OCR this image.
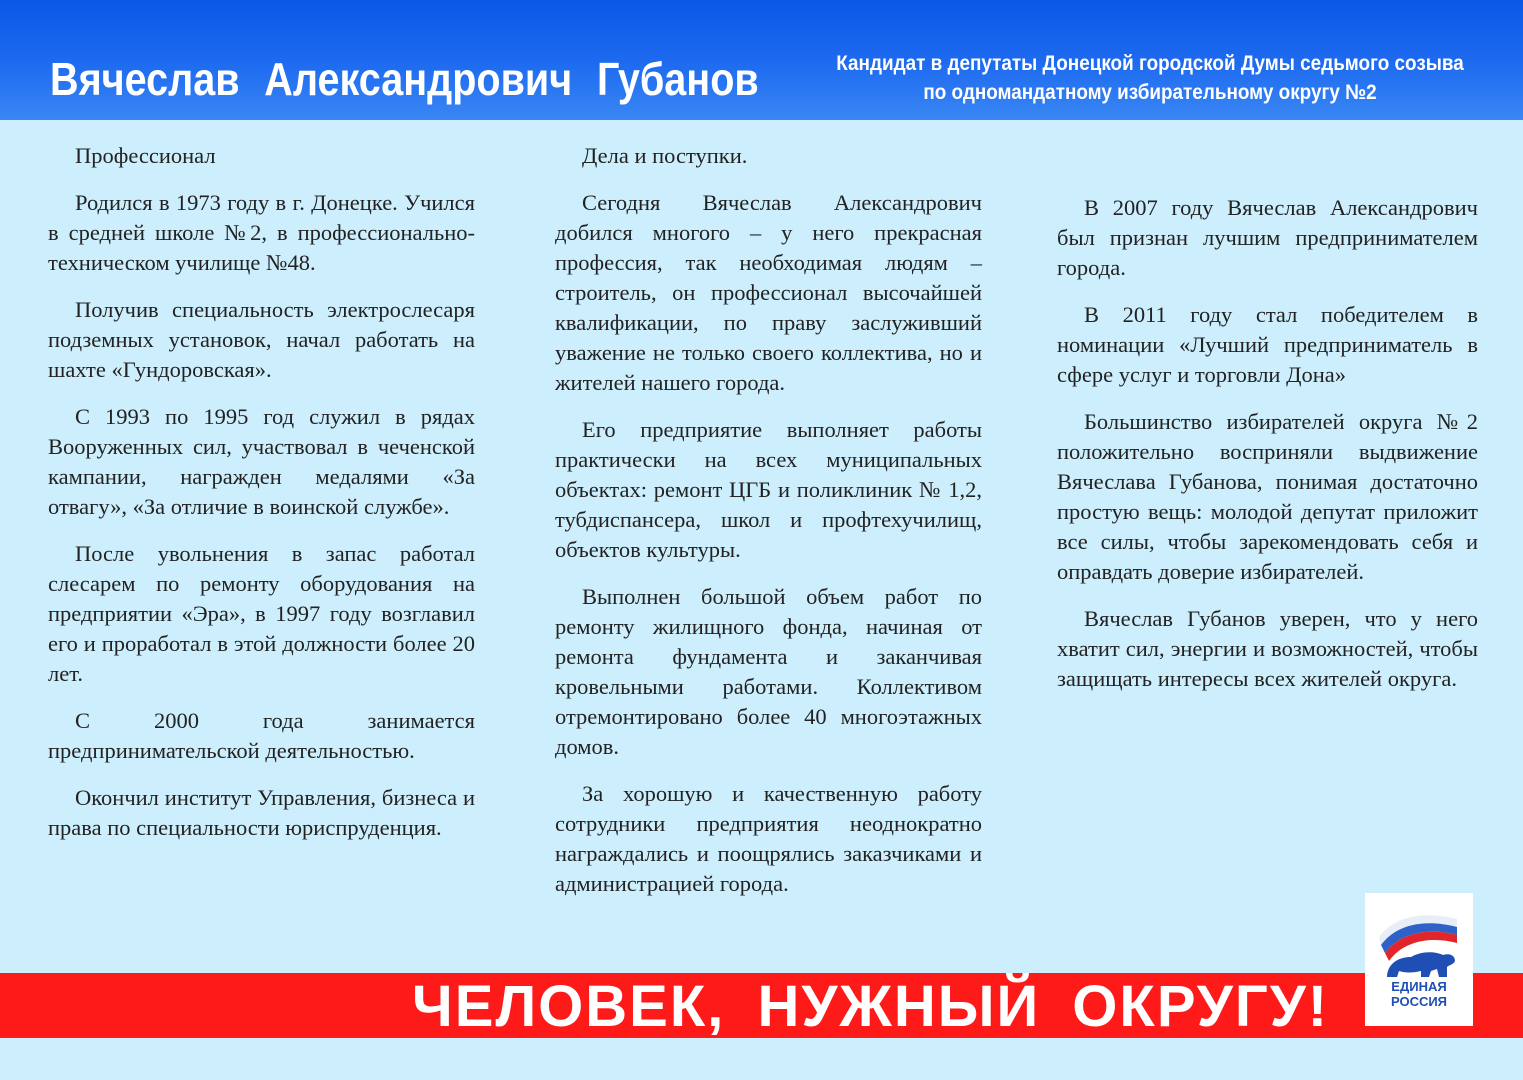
Вячеслав Александрович Губанов	Кандидат в депутаты Донецкой городской Думы седьмого созыва
по одномандатному избирательному округу №2

Профессионал

Родился в 1973 году в г. Донецке. Учился в средней школе №2, в профессионально-техническом училище №48.

Получив специальность электрослесаря подземных установок, начал работать на шахте «Гундоровская».

С 1993 по 1995 год служил в рядах Вооруженных сил, участвовал в чеченской кампании, награжден медалями «За отвагу», «За отличие в воинской службе».

После увольнения в запас работал слесарем по ремонту оборудования на предприятии «Эра», в 1997 году возглавил его и проработал в этой должности более 20 лет.

С 2000 года занимается предпринимательской деятельностью.

Окончил институт Управления, бизнеса и права по специальности юриспруденция.

Дела и поступки.

Сегодня Вячеслав Александрович добился многого – у него прекрасная профессия, так необходимая людям – строитель, он профессионал высочайшей квалификации, по праву заслуживший уважение не только своего коллектива, но и жителей нашего города.

Его предприятие выполняет работы практически на всех муниципальных объектах: ремонт ЦГБ и поликлиник № 1,2, тубдиспансера, школ и профтехучилищ, объектов культуры.

Выполнен большой объем работ по ремонту жилищного фонда, начиная от ремонта фундамента и заканчивая кровельными работами. Коллективом отремонтировано более 40 многоэтажных домов.

За хорошую и качественную работу сотрудники предприятия неоднократно награждались и поощрялись заказчиками и администрацией города.

В 2007 году Вячеслав Александрович был признан лучшим предпринимателем города.

В 2011 году стал победителем в номинации «Лучший предприниматель в сфере услуг и торговли Дона»

Большинство избирателей округа №2 положительно восприняли выдвижение Вячеслава Губанова, понимая достаточно простую вещь: молодой депутат приложит все силы, чтобы зарекомендовать себя и оправдать доверие избирателей.

Вячеслав Губанов уверен, что у него хватит сил, энергии и возможностей, чтобы защищать интересы всех жителей округа.

ЧЕЛОВЕК, НУЖНЫЙ ОКРУГУ!	ЕДИНАЯ
РОССИЯ
